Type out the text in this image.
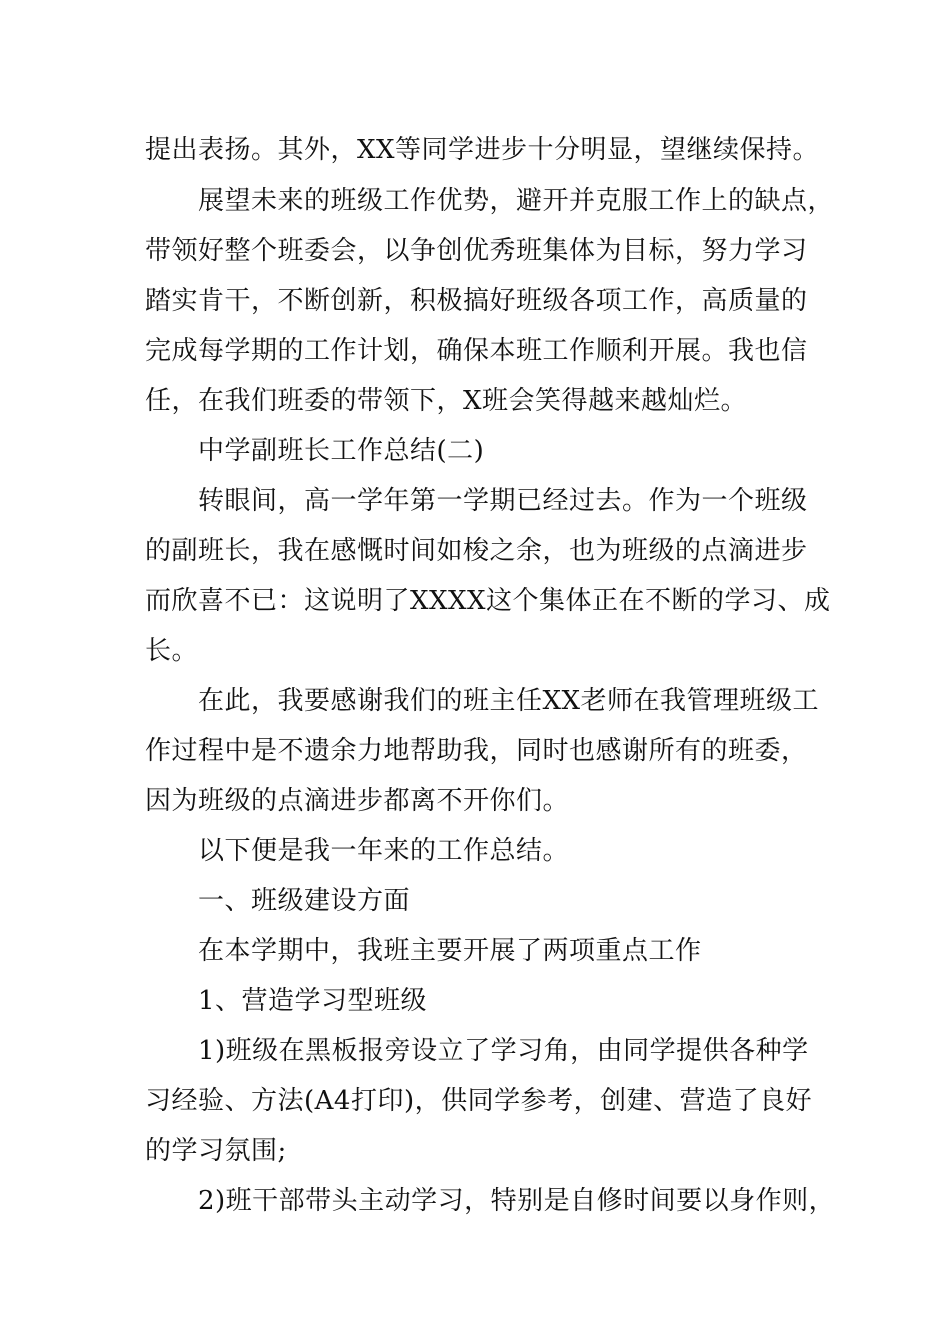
提出表扬。其外，XX等同学进步十分明显，望继续保持。
展望未来的班级工作优势，避开并克服工作上的缺点，
带领好整个班委会，以争创优秀班集体为目标，努力学习
踏实肯干，不断创新，积极搞好班级各项工作，高质量的
完成每学期的工作计划，确保本班工作顺利开展。我也信
任，在我们班委的带领下，X班会笑得越来越灿烂。
中学副班长工作总结(二)
转眼间，高一学年第一学期已经过去。作为一个班级
的副班长，我在感慨时间如梭之余，也为班级的点滴进步
而欣喜不已：这说明了XXXX这个集体正在不断的学习、成
长。
在此，我要感谢我们的班主任XX老师在我管理班级工
作过程中是不遗余力地帮助我，同时也感谢所有的班委，
因为班级的点滴进步都离不开你们。
以下便是我一年来的工作总结。
一、班级建设方面
在本学期中，我班主要开展了两项重点工作
1、营造学习型班级
1)班级在黑板报旁设立了学习角，由同学提供各种学
习经验、方法(A4打印)，供同学参考，创建、营造了良好
的学习氛围;
2)班干部带头主动学习，特别是自修时间要以身作则，
